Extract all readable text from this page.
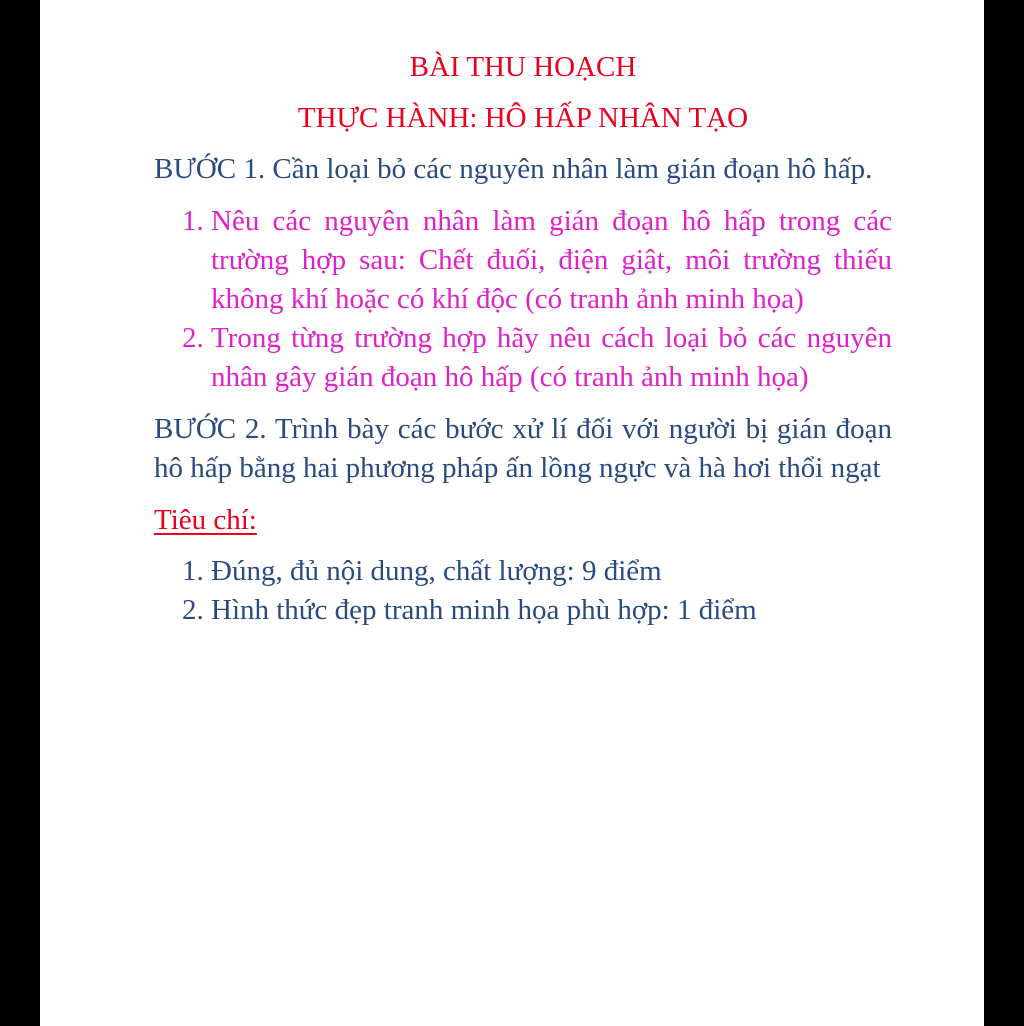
BÀI THU HOẠCH

THỰC HÀNH: HÔ HẤP NHÂN TẠO

BƯỚC 1. Cần loại bỏ các nguyên nhân làm gián đoạn hô hấp.

1. Nêu các nguyên nhân làm gián đoạn hô hấp trong các trường hợp sau: Chết đuối, điện giật, môi trường thiếu không khí hoặc có khí độc (có tranh ảnh minh họa)
2. Trong từng trường hợp hãy nêu cách loại bỏ các nguyên nhân gây gián đoạn hô hấp (có tranh ảnh minh họa)

BƯỚC 2. Trình bày các bước xử lí đối với người bị gián đoạn hô hấp bằng hai phương pháp ấn lồng ngực và hà hơi thổi ngạt

Tiêu chí:

1. Đúng, đủ nội dung, chất lượng: 9 điểm
2. Hình thức đẹp tranh minh họa phù hợp: 1 điểm
